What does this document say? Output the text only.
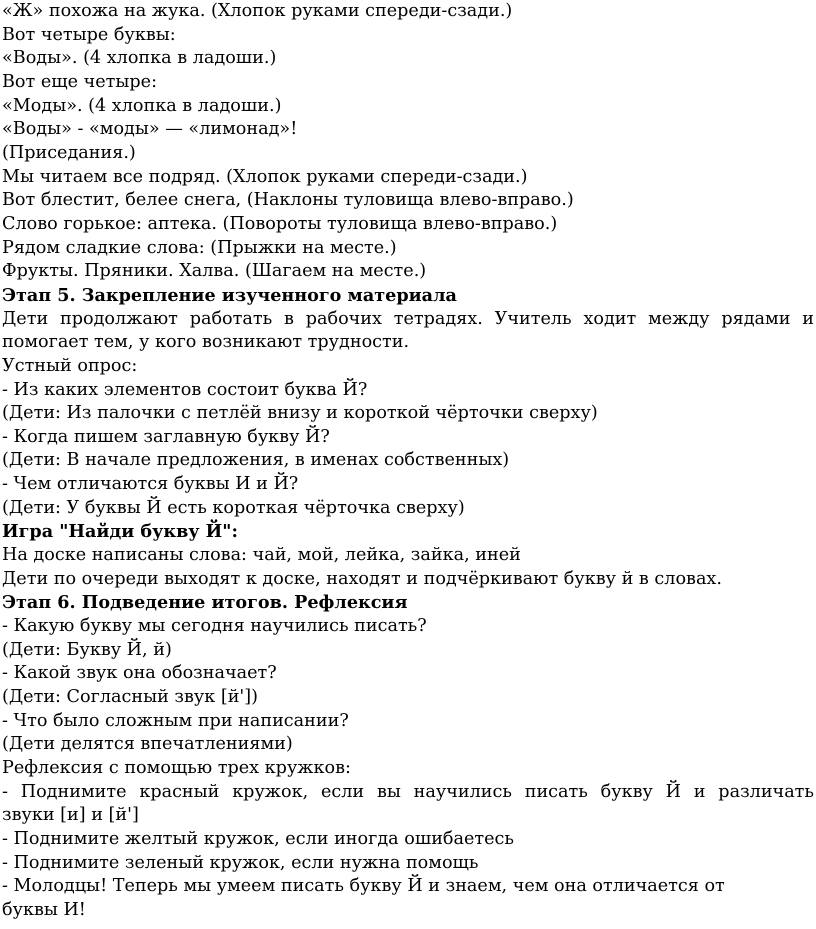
«Ж» похожа на жука. (Хлопок руками спереди-сзади.)
Вот четыре буквы:
«Воды». (4 хлопка в ладоши.)
Вот еще четыре:
«Моды». (4 хлопка в ладоши.)
«Воды» - «моды» — «лимонад»!
(Приседания.)
Мы читаем все подряд. (Хлопок руками спереди-сзади.)
Вот блестит, белее снега, (Наклоны туловища влево-вправо.)
Слово горькое: аптека. (Повороты туловища влево-вправо.)
Рядом сладкие слова: (Прыжки на месте.)
Фрукты. Пряники. Халва. (Шагаем на месте.)
Этап 5. Закрепление изученного материала
Дети продолжают работать в рабочих тетрадях. Учитель ходит между рядами и
помогает тем, у кого возникают трудности.
Устный опрос:
- Из каких элементов состоит буква Й?
(Дети: Из палочки с петлёй внизу и короткой чёрточки сверху)
- Когда пишем заглавную букву Й?
(Дети: В начале предложения, в именах собственных)
- Чем отличаются буквы И и Й?
(Дети: У буквы Й есть короткая чёрточка сверху)
Игра "Найди букву Й":
На доске написаны слова: чай, мой, лейка, зайка, иней
Дети по очереди выходят к доске, находят и подчёркивают букву й в словах.
Этап 6. Подведение итогов. Рефлексия
- Какую букву мы сегодня научились писать?
(Дети: Букву Й, й)
- Какой звук она обозначает?
(Дети: Согласный звук [й'])
- Что было сложным при написании?
(Дети делятся впечатлениями)
Рефлексия с помощью трех кружков:
- Поднимите красный кружок, если вы научились писать букву Й и различать
звуки [и] и [й']
- Поднимите желтый кружок, если иногда ошибаетесь
- Поднимите зеленый кружок, если нужна помощь
- Молодцы! Теперь мы умеем писать букву Й и знаем, чем она отличается от
буквы И!
